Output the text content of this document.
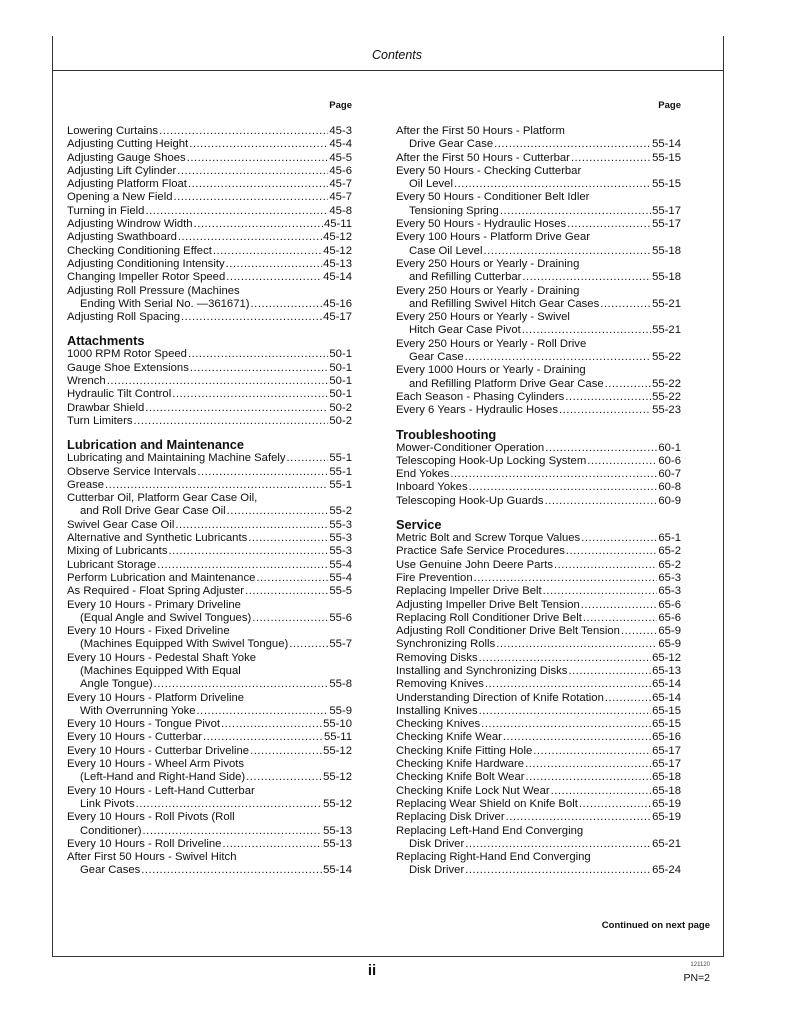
Contents
Page
Lowering Curtains .....	45-3
Adjusting Cutting Height .....	45-4
Adjusting Gauge Shoes .....	45-5
Adjusting Lift Cylinder .....	45-6
Adjusting Platform Float .....	45-7
Opening a New Field .....	45-7
Turning in Field .....	45-8
Adjusting Windrow Width .....	45-11
Adjusting Swathboard .....	45-12
Checking Conditioning Effect .....	45-12
Adjusting Conditioning Intensity .....	45-13
Changing Impeller Rotor Speed .....	45-14
Adjusting Roll Pressure (Machines
Ending With Serial No. —361671) .....	45-16
Adjusting Roll Spacing .....	45-17
Attachments
1000 RPM Rotor Speed .....	50-1
Gauge Shoe Extensions .....	50-1
Wrench .....	50-1
Hydraulic Tilt Control .....	50-1
Drawbar Shield .....	50-2
Turn Limiters .....	50-2
Lubrication and Maintenance
Lubricating and Maintaining Machine Safely .....	55-1
Observe Service Intervals .....	55-1
Grease .....	55-1
Cutterbar Oil, Platform Gear Case Oil,
and Roll Drive Gear Case Oil .....	55-2
Swivel Gear Case Oil .....	55-3
Alternative and Synthetic Lubricants .....	55-3
Mixing of Lubricants .....	55-3
Lubricant Storage .....	55-4
Perform Lubrication and Maintenance .....	55-4
As Required - Float Spring Adjuster .....	55-5
Every 10 Hours - Primary Driveline
(Equal Angle and Swivel Tongues) .....	55-6
Every 10 Hours - Fixed Driveline
(Machines Equipped With Swivel Tongue) .....	55-7
Every 10 Hours - Pedestal Shaft Yoke
(Machines Equipped With Equal
Angle Tongue) .....	55-8
Every 10 Hours - Platform Driveline
With Overrunning Yoke .....	55-9
Every 10 Hours - Tongue Pivot .....	55-10
Every 10 Hours - Cutterbar .....	55-11
Every 10 Hours - Cutterbar Driveline .....	55-12
Every 10 Hours - Wheel Arm Pivots
(Left-Hand and Right-Hand Side) .....	55-12
Every 10 Hours - Left-Hand Cutterbar
Link Pivots .....	55-12
Every 10 Hours - Roll Pivots (Roll
Conditioner) .....	55-13
Every 10 Hours - Roll Driveline .....	55-13
After First 50 Hours - Swivel Hitch
Gear Cases .....	55-14
Page
After the First 50 Hours - Platform
Drive Gear Case .....	55-14
After the First 50 Hours - Cutterbar .....	55-15
Every 50 Hours - Checking Cutterbar
Oil Level .....	55-15
Every 50 Hours - Conditioner Belt Idler
Tensioning Spring .....	55-17
Every 50 Hours - Hydraulic Hoses .....	55-17
Every 100 Hours - Platform Drive Gear
Case Oil Level .....	55-18
Every 250 Hours or Yearly - Draining
and Refilling Cutterbar .....	55-18
Every 250 Hours or Yearly - Draining
and Refilling Swivel Hitch Gear Cases .....	55-21
Every 250 Hours or Yearly - Swivel
Hitch Gear Case Pivot .....	55-21
Every 250 Hours or Yearly - Roll Drive
Gear Case .....	55-22
Every 1000 Hours or Yearly - Draining
and Refilling Platform Drive Gear Case .....	55-22
Each Season - Phasing Cylinders .....	55-22
Every 6 Years - Hydraulic Hoses .....	55-23
Troubleshooting
Mower-Conditioner Operation .....	60-1
Telescoping Hook-Up Locking System .....	60-6
End Yokes .....	60-7
Inboard Yokes .....	60-8
Telescoping Hook-Up Guards .....	60-9
Service
Metric Bolt and Screw Torque Values .....	65-1
Practice Safe Service Procedures .....	65-2
Use Genuine John Deere Parts .....	65-2
Fire Prevention .....	65-3
Replacing Impeller Drive Belt .....	65-3
Adjusting Impeller Drive Belt Tension .....	65-6
Replacing Roll Conditioner Drive Belt .....	65-6
Adjusting Roll Conditioner Drive Belt Tension .....	65-9
Synchronizing Rolls .....	65-9
Removing Disks .....	65-12
Installing and Synchronizing Disks .....	65-13
Removing Knives .....	65-14
Understanding Direction of Knife Rotation .....	65-14
Installing Knives .....	65-15
Checking Knives .....	65-15
Checking Knife Wear .....	65-16
Checking Knife Fitting Hole .....	65-17
Checking Knife Hardware .....	65-17
Checking Knife Bolt Wear .....	65-18
Checking Knife Lock Nut Wear .....	65-18
Replacing Wear Shield on Knife Bolt .....	65-19
Replacing Disk Driver .....	65-19
Replacing Left-Hand End Converging
Disk Driver .....	65-21
Replacing Right-Hand End Converging
Disk Driver .....	65-24
Continued on next page
ii	121120
PN=2
